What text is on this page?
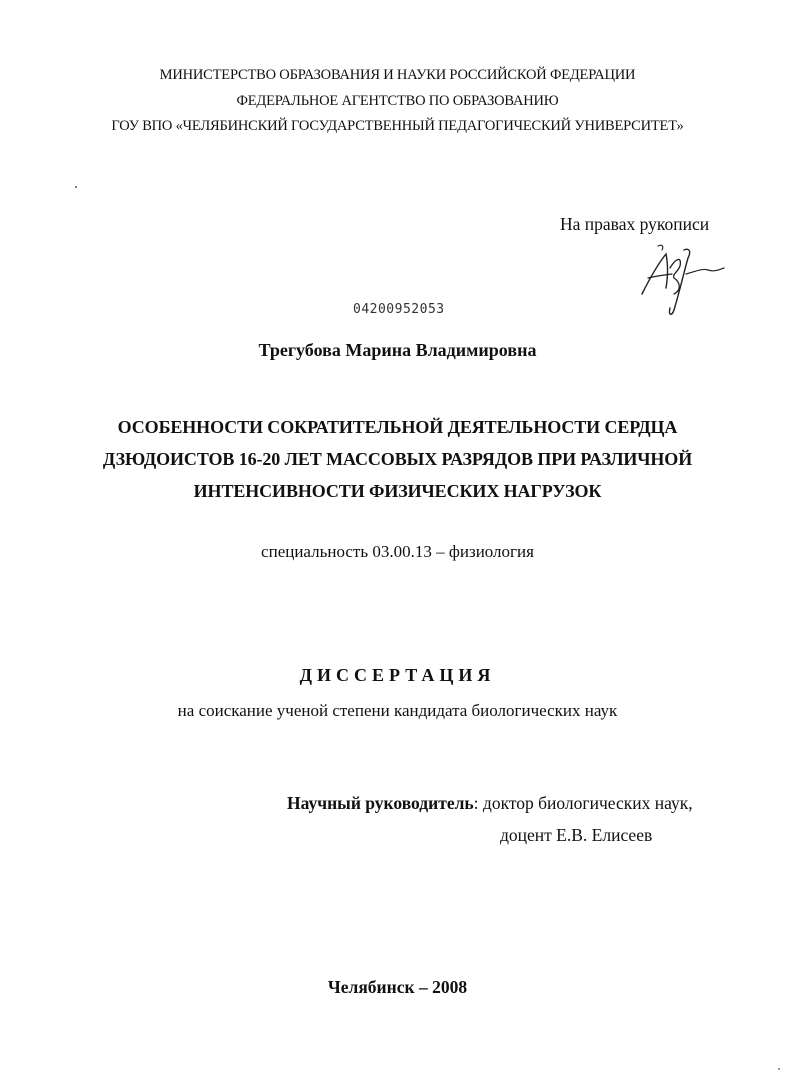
МИНИСТЕРСТВО ОБРАЗОВАНИЯ И НАУКИ РОССИЙСКОЙ ФЕДЕРАЦИИ
ФЕДЕРАЛЬНОЕ АГЕНТСТВО ПО ОБРАЗОВАНИЮ
ГОУ ВПО «ЧЕЛЯБИНСКИЙ ГОСУДАРСТВЕННЫЙ ПЕДАГОГИЧЕСКИЙ УНИВЕРСИТЕТ»
На правах рукописи
04200952053
Трегубова Марина Владимировна
ОСОБЕННОСТИ СОКРАТИТЕЛЬНОЙ ДЕЯТЕЛЬНОСТИ СЕРДЦА
ДЗЮДОИСТОВ 16-20 ЛЕТ МАССОВЫХ РАЗРЯДОВ ПРИ РАЗЛИЧНОЙ
ИНТЕНСИВНОСТИ ФИЗИЧЕСКИХ НАГРУЗОК
специальность 03.00.13 – физиология
ДИССЕРТАЦИЯ
на соискание ученой степени кандидата биологических наук
Научный руководитель: доктор биологических наук,
доцент Е.В. Елисеев
Челябинск – 2008
